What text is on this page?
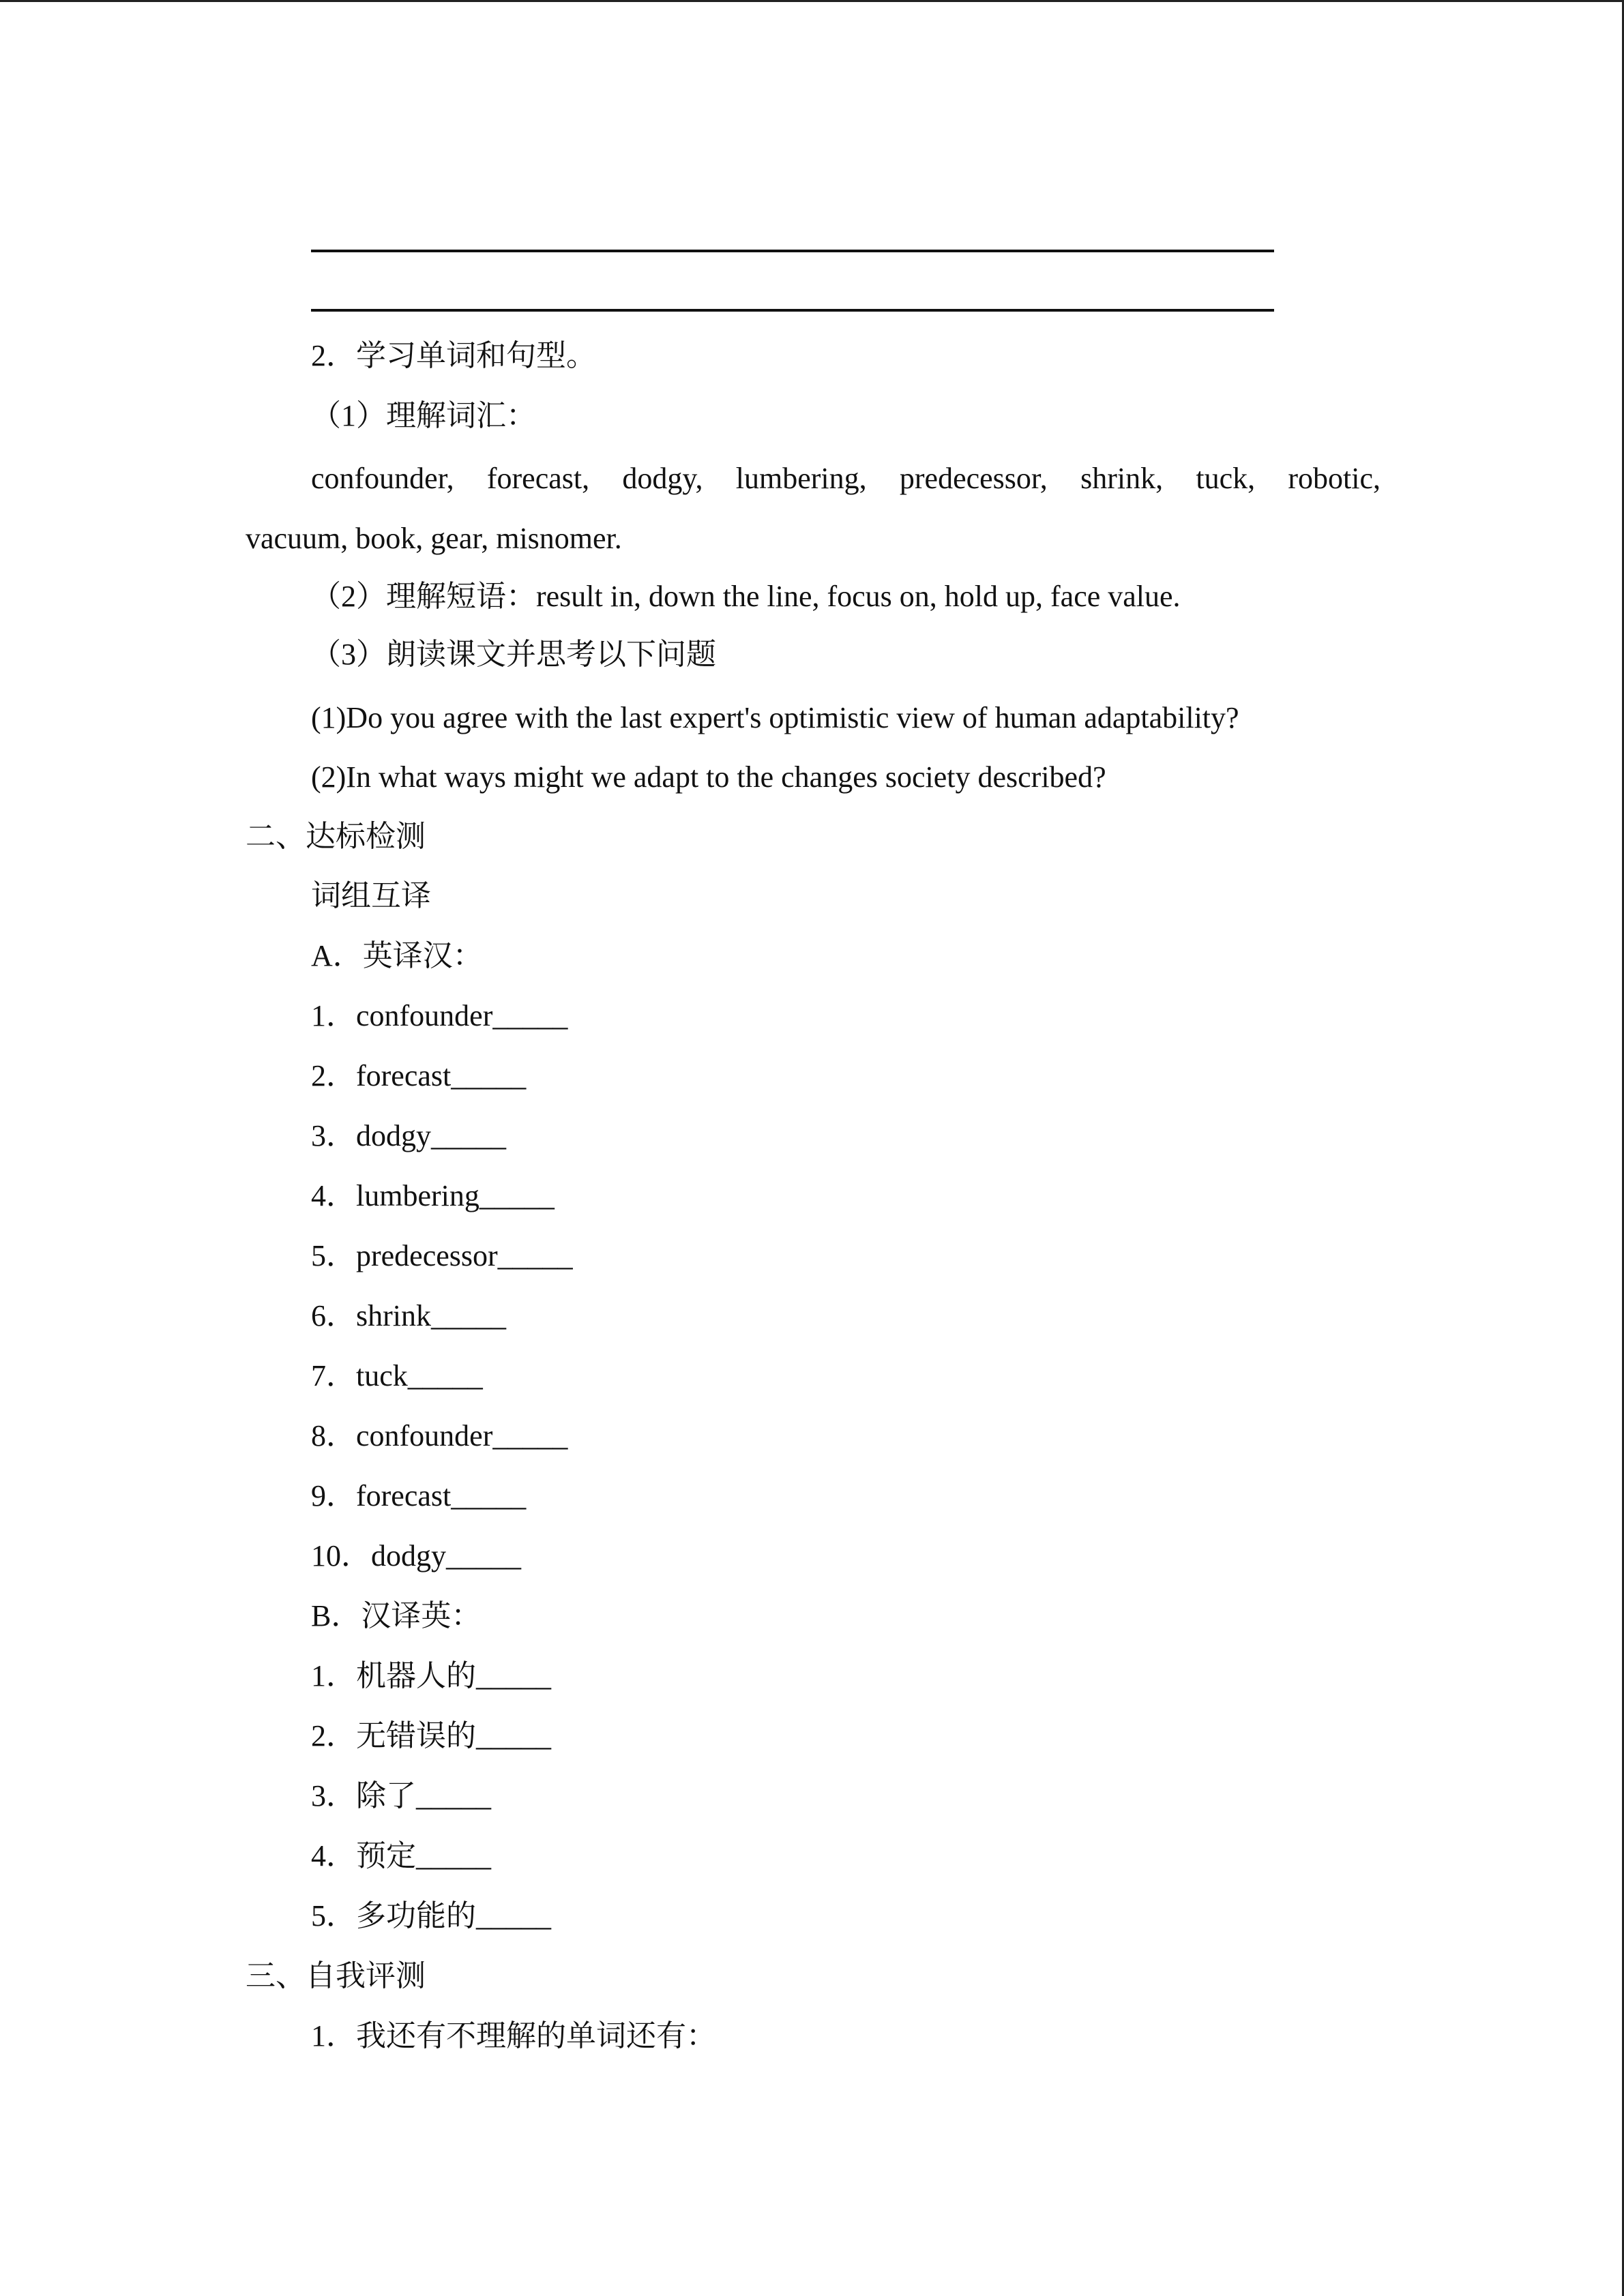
2．学习单词和句型。
（1）理解词汇：
confounder, forecast, dodgy, lumbering, predecessor, shrink, tuck, robotic,
vacuum, book, gear, misnomer.
（2）理解短语：result in, down the line, focus on, hold up, face value.
（3）朗读课文并思考以下问题
(1)Do you agree with the last expert's optimistic view of human adaptability?
(2)In what ways might we adapt to the changes society described?
二、达标检测
词组互译
A．英译汉：
1．confounder_____
2．forecast_____
3．dodgy_____
4．lumbering_____
5．predecessor_____
6．shrink_____
7．tuck_____
8．confounder_____
9．forecast_____
10．dodgy_____
B．汉译英：
1．机器人的_____
2．无错误的_____
3．除了_____
4．预定_____
5．多功能的_____
三、自我评测
1．我还有不理解的单词还有：
